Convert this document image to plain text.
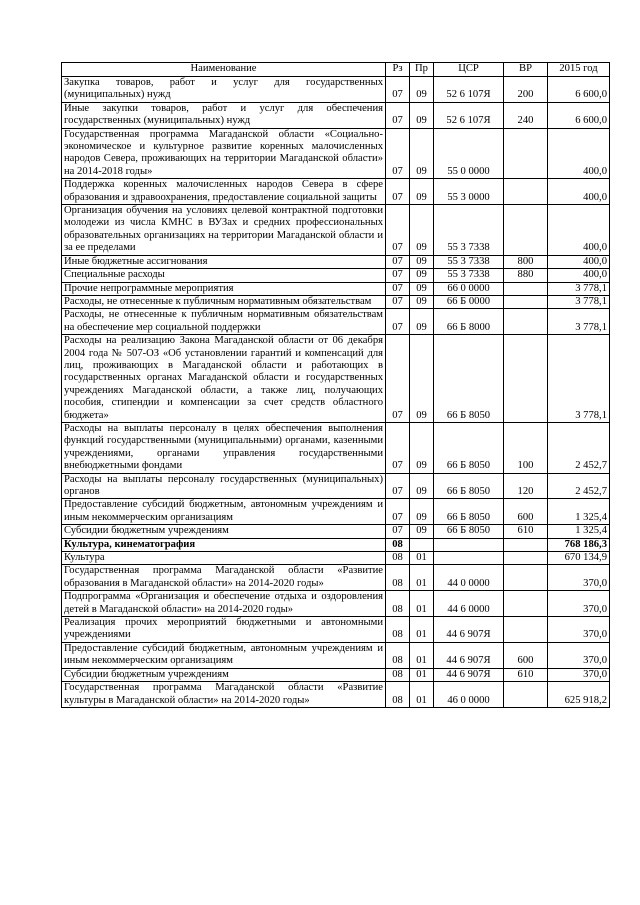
Наименование	Рз	Пр	ЦСР	ВР	2015 год
Закупка товаров, работ и услуг для государственных (муниципальных) нужд	07	09	52 6 107Я	200	6 600,0
Иные закупки товаров, работ и услуг для обеспечения государственных (муниципальных) нужд	07	09	52 6 107Я	240	6 600,0
Государственная программа Магаданской области «Социально-экономическое и культурное развитие коренных малочисленных народов Севера, проживающих на территории Магаданской области» на 2014-2018 годы»	07	09	55 0 0000		400,0
Поддержка коренных малочисленных народов Севера в сфере образования и здравоохранения, предоставление социальной защиты	07	09	55 3 0000		400,0
Организация обучения на условиях целевой контрактной подготовки молодежи из числа КМНС в ВУЗах и средних профессиональных образовательных организациях на территории Магаданской области и за ее пределами	07	09	55 3 7338		400,0
Иные бюджетные ассигнования	07	09	55 3 7338	800	400,0
Специальные расходы	07	09	55 3 7338	880	400,0
Прочие непрограммные мероприятия	07	09	66 0 0000		3 778,1
Расходы, не отнесенные к публичным нормативным обязательствам	07	09	66 Б 0000		3 778,1
Расходы, не отнесенные к публичным нормативным обязательствам на обеспечение мер социальной поддержки	07	09	66 Б 8000		3 778,1
Расходы на реализацию Закона Магаданской области от 06 декабря 2004 года № 507-ОЗ «Об установлении гарантий и компенсаций для лиц, проживающих в Магаданской области и работающих в государственных органах Магаданской области и государственных учреждениях Магаданской области, а также лиц, получающих пособия, стипендии и компенсации за счет средств областного бюджета»	07	09	66 Б 8050		3 778,1
Расходы на выплаты персоналу в целях обеспечения выполнения функций государственными (муниципальными) органами, казенными учреждениями, органами управления государственными внебюджетными фондами	07	09	66 Б 8050	100	2 452,7
Расходы на выплаты персоналу государственных (муниципальных) органов	07	09	66 Б 8050	120	2 452,7
Предоставление субсидий бюджетным, автономным учреждениям и иным некоммерческим организациям	07	09	66 Б 8050	600	1 325,4
Субсидии бюджетным учреждениям	07	09	66 Б 8050	610	1 325,4
Культура, кинематография	08				768 186,3
Культура	08	01			670 134,9
Государственная программа Магаданской области «Развитие образования в Магаданской области» на 2014-2020 годы»	08	01	44 0 0000		370,0
Подпрограмма «Организация и обеспечение отдыха и оздоровления детей в Магаданской области» на 2014-2020 годы»	08	01	44 6 0000		370,0
Реализация прочих мероприятий бюджетными и автономными учреждениями	08	01	44 6 907Я		370,0
Предоставление субсидий бюджетным, автономным учреждениям и иным некоммерческим организациям	08	01	44 6 907Я	600	370,0
Субсидии бюджетным учреждениям	08	01	44 6 907Я	610	370,0
Государственная программа Магаданской области «Развитие культуры в Магаданской области» на 2014-2020 годы»	08	01	46 0 0000		625 918,2
